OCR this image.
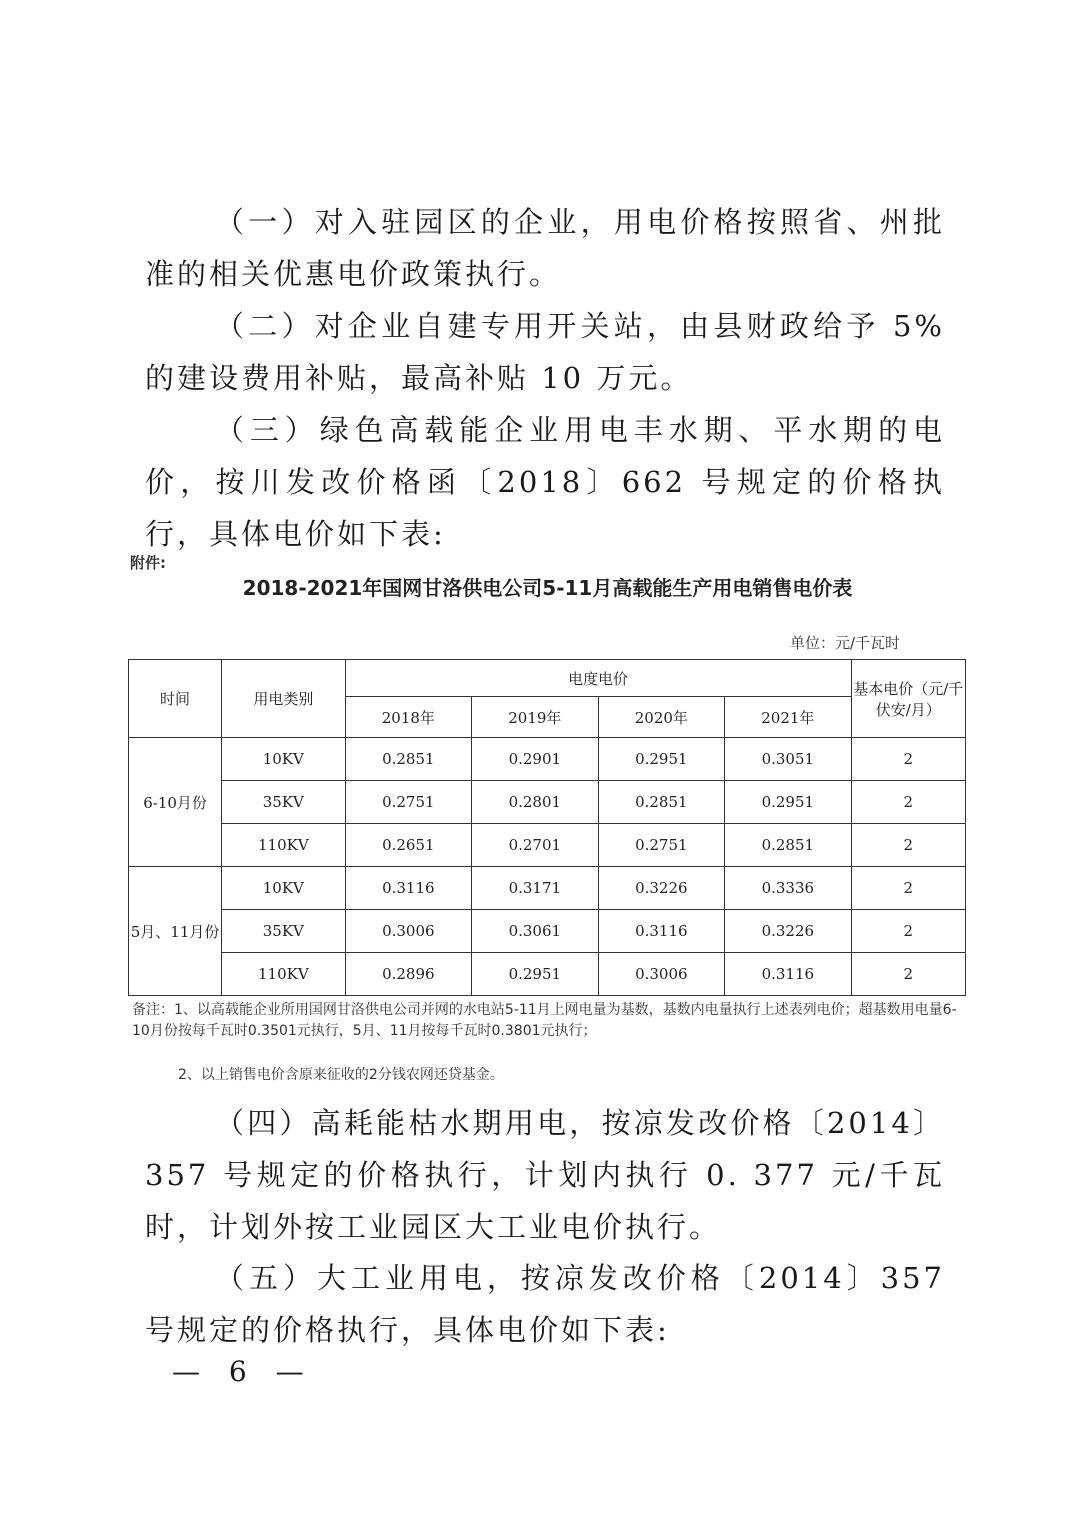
（一）对入驻园区的企业，用电价格按照省、州批准的相关优惠电价政策执行。

（二）对企业自建专用开关站，由县财政给予 5%的建设费用补贴，最高补贴 10 万元。

（三）绿色高载能企业用电丰水期、平水期的电价，按川发改价格函〔2018〕662 号规定的价格执行，具体电价如下表:

附件:
2018-2021年国网甘洛供电公司5-11月高载能生产用电销售电价表
单位：元/千瓦时
时间	用电类别	电度电价				基本电价（元/千伏安/月）
		2018年	2019年	2020年	2021年	
6-10月份	10KV	0.2851	0.2901	0.2951	0.3051	2
	35KV	0.2751	0.2801	0.2851	0.2951	2
	110KV	0.2651	0.2701	0.2751	0.2851	2
5月、11月份	10KV	0.3116	0.3171	0.3226	0.3336	2
	35KV	0.3006	0.3061	0.3116	0.3226	2
	110KV	0.2896	0.2951	0.3006	0.3116	2
备注：1、以高载能企业所用国网甘洛供电公司并网的水电站5-11月上网电量为基数，基数内电量执行上述表列电价；超基数用电量6-10月份按每千瓦时0.3501元执行，5月、11月按每千瓦时0.3801元执行；
2、以上销售电价含原来征收的2分钱农网还贷基金。

（四）高耗能枯水期用电，按凉发改价格〔2014〕357 号规定的价格执行，计划内执行 0. 377 元/千瓦时，计划外按工业园区大工业电价执行。

（五）大工业用电，按凉发改价格〔2014〕357 号规定的价格执行，具体电价如下表:

— 6 —
